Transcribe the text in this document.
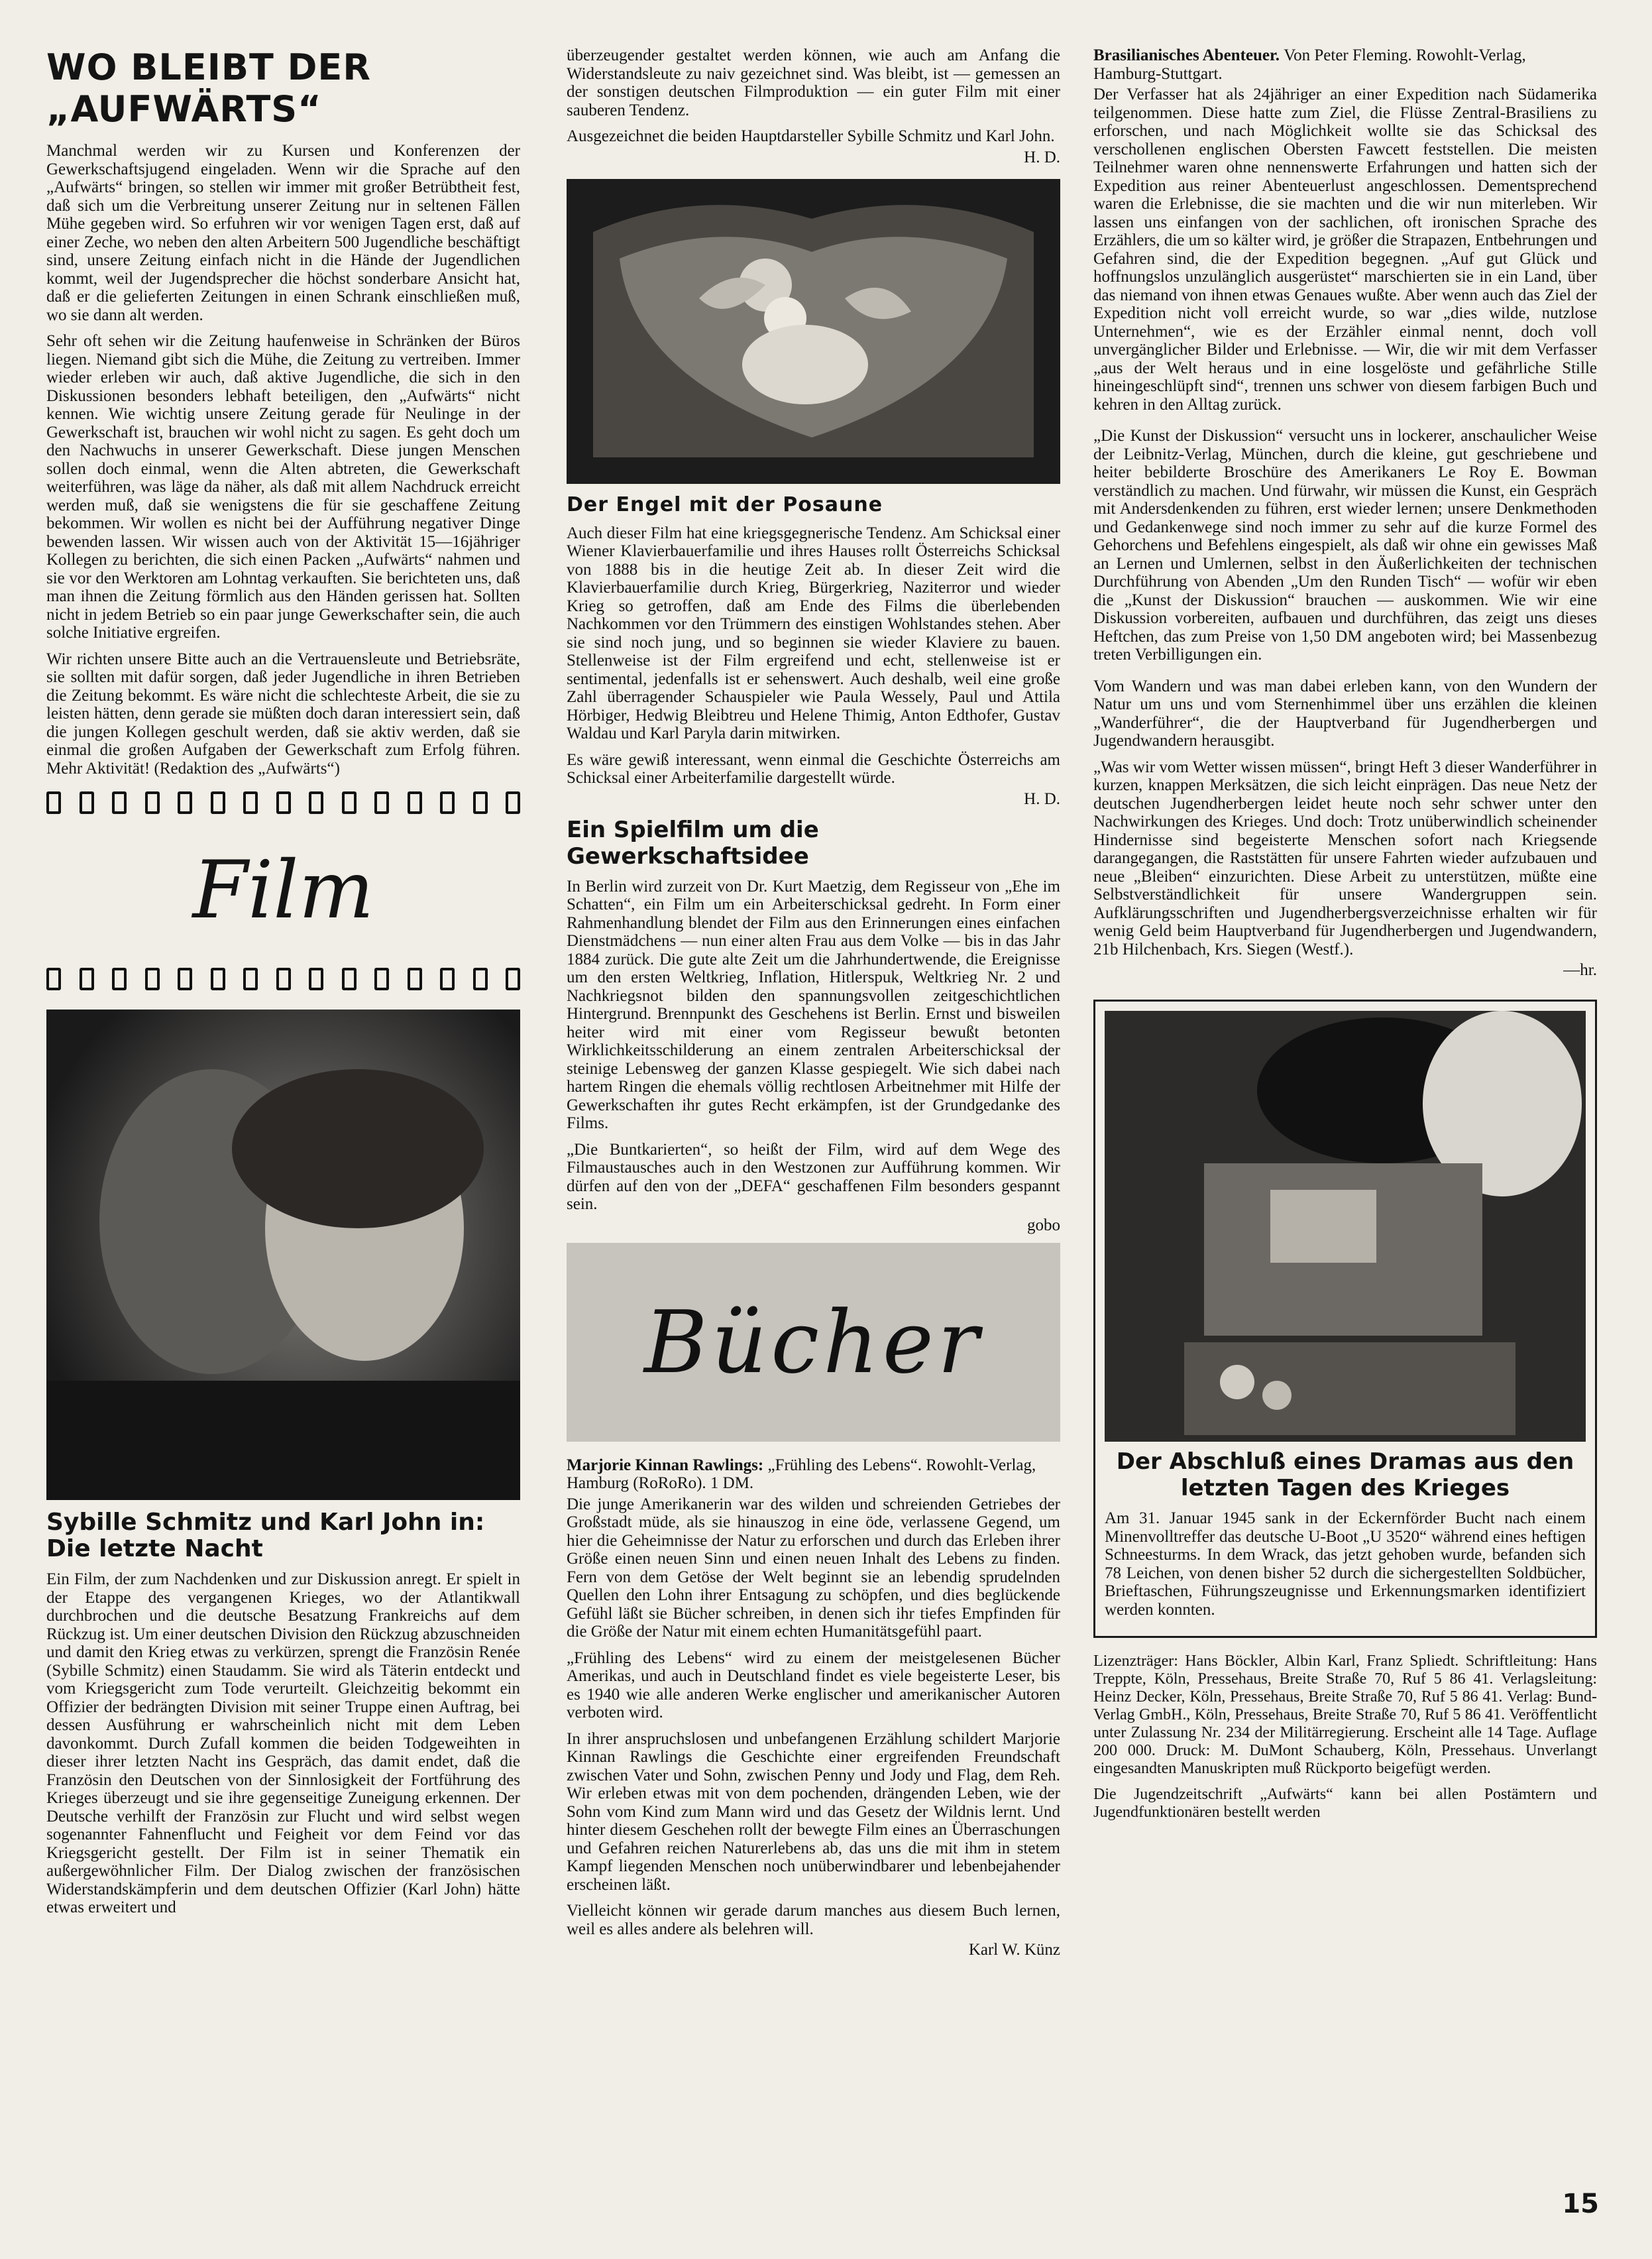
WO BLEIBT DER „AUFWÄRTS“

Manchmal werden wir zu Kursen und Konferenzen der Gewerkschaftsjugend eingeladen. Wenn wir die Sprache auf den „Aufwärts“ bringen, so stellen wir immer mit großer Betrübtheit fest, daß sich um die Verbreitung unserer Zeitung nur in seltenen Fällen Mühe gegeben wird. So erfuhren wir vor wenigen Tagen erst, daß auf einer Zeche, wo neben den alten Arbeitern 500 Jugendliche beschäftigt sind, unsere Zeitung einfach nicht in die Hände der Jugendlichen kommt, weil der Jugendsprecher die höchst sonderbare Ansicht hat, daß er die gelieferten Zeitungen in einen Schrank einschließen muß, wo sie dann alt werden.

Sehr oft sehen wir die Zeitung haufenweise in Schränken der Büros liegen. Niemand gibt sich die Mühe, die Zeitung zu vertreiben. Immer wieder erleben wir auch, daß aktive Jugendliche, die sich in den Diskussionen besonders lebhaft beteiligen, den „Aufwärts“ nicht kennen. Wie wichtig unsere Zeitung gerade für Neulinge in der Gewerkschaft ist, brauchen wir wohl nicht zu sagen. Es geht doch um den Nachwuchs in unserer Gewerkschaft. Diese jungen Menschen sollen doch einmal, wenn die Alten abtreten, die Gewerkschaft weiterführen, was läge da näher, als daß mit allem Nachdruck erreicht werden muß, daß sie wenigstens die für sie geschaffene Zeitung bekommen. Wir wollen es nicht bei der Aufführung negativer Dinge bewenden lassen. Wir wissen auch von der Aktivität 15—16jähriger Kollegen zu berichten, die sich einen Packen „Aufwärts“ nahmen und sie vor den Werktoren am Lohntag verkauften. Sie berichteten uns, daß man ihnen die Zeitung förmlich aus den Händen gerissen hat. Sollten nicht in jedem Betrieb so ein paar junge Gewerkschafter sein, die auch solche Initiative ergreifen.

Wir richten unsere Bitte auch an die Vertrauensleute und Betriebsräte, sie sollten mit dafür sorgen, daß jeder Jugendliche in ihren Betrieben die Zeitung bekommt. Es wäre nicht die schlechteste Arbeit, die sie zu leisten hätten, denn gerade sie müßten doch daran interessiert sein, daß die jungen Kollegen geschult werden, daß sie aktiv werden, daß sie einmal die großen Aufgaben der Gewerkschaft zum Erfolg führen. Mehr Aktivität! (Redaktion des „Aufwärts“)

Film
Sybille Schmitz und Karl John in: Die letzte Nacht

Ein Film, der zum Nachdenken und zur Diskussion anregt. Er spielt in der Etappe des vergangenen Krieges, wo der Atlantikwall durchbrochen und die deutsche Besatzung Frankreichs auf dem Rückzug ist. Um einer deutschen Division den Rückzug abzuschneiden und damit den Krieg etwas zu verkürzen, sprengt die Französin Renée (Sybille Schmitz) einen Staudamm. Sie wird als Täterin entdeckt und vom Kriegsgericht zum Tode verurteilt. Gleichzeitig bekommt ein Offizier der bedrängten Division mit seiner Truppe einen Auftrag, bei dessen Ausführung er wahrscheinlich nicht mit dem Leben davonkommt. Durch Zufall kommen die beiden Todgeweihten in dieser ihrer letzten Nacht ins Gespräch, das damit endet, daß die Französin den Deutschen von der Sinnlosigkeit der Fortführung des Krieges überzeugt und sie ihre gegenseitige Zuneigung erkennen. Der Deutsche verhilft der Französin zur Flucht und wird selbst wegen sogenannter Fahnenflucht und Feigheit vor dem Feind vor das Kriegsgericht gestellt. Der Film ist in seiner Thematik ein außergewöhnlicher Film. Der Dialog zwischen der französischen Widerstandskämpferin und dem deutschen Offizier (Karl John) hätte etwas erweitert und

überzeugender gestaltet werden können, wie auch am Anfang die Widerstandsleute zu naiv gezeichnet sind. Was bleibt, ist — gemessen an der sonstigen deutschen Filmproduktion — ein guter Film mit einer sauberen Tendenz.

Ausgezeichnet die beiden Hauptdarsteller Sybille Schmitz und Karl John.

H. D.
Der Engel mit der Posaune

Auch dieser Film hat eine kriegsgegnerische Tendenz. Am Schicksal einer Wiener Klavierbauerfamilie und ihres Hauses rollt Österreichs Schicksal von 1888 bis in die heutige Zeit ab. In dieser Zeit wird die Klavierbauerfamilie durch Krieg, Bürgerkrieg, Naziterror und wieder Krieg so getroffen, daß am Ende des Films die überlebenden Nachkommen vor den Trümmern des einstigen Wohlstandes stehen. Aber sie sind noch jung, und so beginnen sie wieder Klaviere zu bauen. Stellenweise ist der Film ergreifend und echt, stellenweise ist er sentimental, jedenfalls ist er sehenswert. Auch deshalb, weil eine große Zahl überragender Schauspieler wie Paula Wessely, Paul und Attila Hörbiger, Hedwig Bleibtreu und Helene Thimig, Anton Edthofer, Gustav Waldau und Karl Paryla darin mitwirken.

Es wäre gewiß interessant, wenn einmal die Geschichte Österreichs am Schicksal einer Arbeiterfamilie dargestellt würde.

H. D.
Ein Spielfilm um die Gewerkschaftsidee

In Berlin wird zurzeit von Dr. Kurt Maetzig, dem Regisseur von „Ehe im Schatten“, ein Film um ein Arbeiterschicksal gedreht. In Form einer Rahmenhandlung blendet der Film aus den Erinnerungen eines einfachen Dienstmädchens — nun einer alten Frau aus dem Volke — bis in das Jahr 1884 zurück. Die gute alte Zeit um die Jahrhundertwende, die Ereignisse um den ersten Weltkrieg, Inflation, Hitlerspuk, Weltkrieg Nr. 2 und Nachkriegsnot bilden den spannungsvollen zeitgeschichtlichen Hintergrund. Brennpunkt des Geschehens ist Berlin. Ernst und bisweilen heiter wird mit einer vom Regisseur bewußt betonten Wirklichkeitsschilderung an einem zentralen Arbeiterschicksal der steinige Lebensweg der ganzen Klasse gespiegelt. Wie sich dabei nach hartem Ringen die ehemals völlig rechtlosen Arbeitnehmer mit Hilfe der Gewerkschaften ihr gutes Recht erkämpfen, ist der Grundgedanke des Films.

„Die Buntkarierten“, so heißt der Film, wird auf dem Wege des Filmaustausches auch in den Westzonen zur Aufführung kommen. Wir dürfen auf den von der „DEFA“ geschaffenen Film besonders gespannt sein.

gobo
Bücher
Marjorie Kinnan Rawlings: „Frühling des Lebens“. Rowohlt-Verlag, Hamburg (RoRoRo). 1 DM.

Die junge Amerikanerin war des wilden und schreienden Getriebes der Großstadt müde, als sie hinauszog in eine öde, verlassene Gegend, um hier die Geheimnisse der Natur zu erforschen und durch das Erleben ihrer Größe einen neuen Sinn und einen neuen Inhalt des Lebens zu finden. Fern von dem Getöse der Welt beginnt sie an lebendig sprudelnden Quellen den Lohn ihrer Entsagung zu schöpfen, und dies beglückende Gefühl läßt sie Bücher schreiben, in denen sich ihr tiefes Empfinden für die Größe der Natur mit einem echten Humanitätsgefühl paart.

„Frühling des Lebens“ wird zu einem der meistgelesenen Bücher Amerikas, und auch in Deutschland findet es viele begeisterte Leser, bis es 1940 wie alle anderen Werke englischer und amerikanischer Autoren verboten wird.

In ihrer anspruchslosen und unbefangenen Erzählung schildert Marjorie Kinnan Rawlings die Geschichte einer ergreifenden Freundschaft zwischen Vater und Sohn, zwischen Penny und Jody und Flag, dem Reh. Wir erleben etwas mit von dem pochenden, drängenden Leben, wie der Sohn vom Kind zum Mann wird und das Gesetz der Wildnis lernt. Und hinter diesem Geschehen rollt der bewegte Film eines an Überraschungen und Gefahren reichen Naturerlebens ab, das uns die mit ihm in stetem Kampf liegenden Menschen noch unüberwindbarer und lebenbejahender erscheinen läßt.

Vielleicht können wir gerade darum manches aus diesem Buch lernen, weil es alles andere als belehren will.

Karl W. Künz
Brasilianisches Abenteuer. Von Peter Fleming. Rowohlt-Verlag, Hamburg-Stuttgart.

Der Verfasser hat als 24jähriger an einer Expedition nach Südamerika teilgenommen. Diese hatte zum Ziel, die Flüsse Zentral-Brasiliens zu erforschen, und nach Möglichkeit wollte sie das Schicksal des verschollenen englischen Obersten Fawcett feststellen. Die meisten Teilnehmer waren ohne nennenswerte Erfahrungen und hatten sich der Expedition aus reiner Abenteuerlust angeschlossen. Dementsprechend waren die Erlebnisse, die sie machten und die wir nun miterleben. Wir lassen uns einfangen von der sachlichen, oft ironischen Sprache des Erzählers, die um so kälter wird, je größer die Strapazen, Entbehrungen und Gefahren sind, die der Expedition begegnen. „Auf gut Glück und hoffnungslos unzulänglich ausgerüstet“ marschierten sie in ein Land, über das niemand von ihnen etwas Genaues wußte. Aber wenn auch das Ziel der Expedition nicht voll erreicht wurde, so war „dies wilde, nutzlose Unternehmen“, wie es der Erzähler einmal nennt, doch voll unvergänglicher Bilder und Erlebnisse. — Wir, die wir mit dem Verfasser „aus der Welt heraus und in eine losgelöste und gefährliche Stille hineingeschlüpft sind“, trennen uns schwer von diesem farbigen Buch und kehren in den Alltag zurück.

„Die Kunst der Diskussion“ versucht uns in lockerer, anschaulicher Weise der Leibnitz-Verlag, München, durch die kleine, gut geschriebene und heiter bebilderte Broschüre des Amerikaners Le Roy E. Bowman verständlich zu machen. Und fürwahr, wir müssen die Kunst, ein Gespräch mit Andersdenkenden zu führen, erst wieder lernen; unsere Denkmethoden und Gedankenwege sind noch immer zu sehr auf die kurze Formel des Gehorchens und Befehlens eingespielt, als daß wir ohne ein gewisses Maß an Lernen und Umlernen, selbst in den Äußerlichkeiten der technischen Durchführung von Abenden „Um den Runden Tisch“ — wofür wir eben die „Kunst der Diskussion“ brauchen — auskommen. Wie wir eine Diskussion vorbereiten, aufbauen und durchführen, das zeigt uns dieses Heftchen, das zum Preise von 1,50 DM angeboten wird; bei Massenbezug treten Verbilligungen ein.

Vom Wandern und was man dabei erleben kann, von den Wundern der Natur um uns und vom Sternenhimmel über uns erzählen die kleinen „Wanderführer“, die der Hauptverband für Jugendherbergen und Jugendwandern herausgibt.

„Was wir vom Wetter wissen müssen“, bringt Heft 3 dieser Wanderführer in kurzen, knappen Merksätzen, die sich leicht einprägen. Das neue Netz der deutschen Jugendherbergen leidet heute noch sehr schwer unter den Nachwirkungen des Krieges. Und doch: Trotz unüberwindlich scheinender Hindernisse sind begeisterte Menschen sofort nach Kriegsende darangegangen, die Raststätten für unsere Fahrten wieder aufzubauen und neue „Bleiben“ einzurichten. Diese Arbeit zu unterstützen, müßte eine Selbstverständlichkeit für unsere Wandergruppen sein. Aufklärungsschriften und Jugendherbergsverzeichnisse erhalten wir für wenig Geld beim Hauptverband für Jugendherbergen und Jugendwandern, 21b Hilchenbach, Krs. Siegen (Westf.).

—hr.
Der Abschluß eines Dramas aus den letzten Tagen des Krieges

Am 31. Januar 1945 sank in der Eckernförder Bucht nach einem Minenvolltreffer das deutsche U-Boot „U 3520“ während eines heftigen Schneesturms. In dem Wrack, das jetzt gehoben wurde, befanden sich 78 Leichen, von denen bisher 52 durch die sichergestellten Soldbücher, Brieftaschen, Führungszeugnisse und Erkennungsmarken identifiziert werden konnten.

Lizenzträger: Hans Böckler, Albin Karl, Franz Spliedt. Schriftleitung: Hans Treppte, Köln, Pressehaus, Breite Straße 70, Ruf 5 86 41. Verlagsleitung: Heinz Decker, Köln, Pressehaus, Breite Straße 70, Ruf 5 86 41. Verlag: Bund-Verlag GmbH., Köln, Pressehaus, Breite Straße 70, Ruf 5 86 41. Veröffentlicht unter Zulassung Nr. 234 der Militärregierung. Erscheint alle 14 Tage. Auflage 200 000. Druck: M. DuMont Schauberg, Köln, Pressehaus. Unverlangt eingesandten Manuskripten muß Rückporto beigefügt werden.

Die Jugendzeitschrift „Aufwärts“ kann bei allen Postämtern und Jugendfunktionären bestellt werden

15
